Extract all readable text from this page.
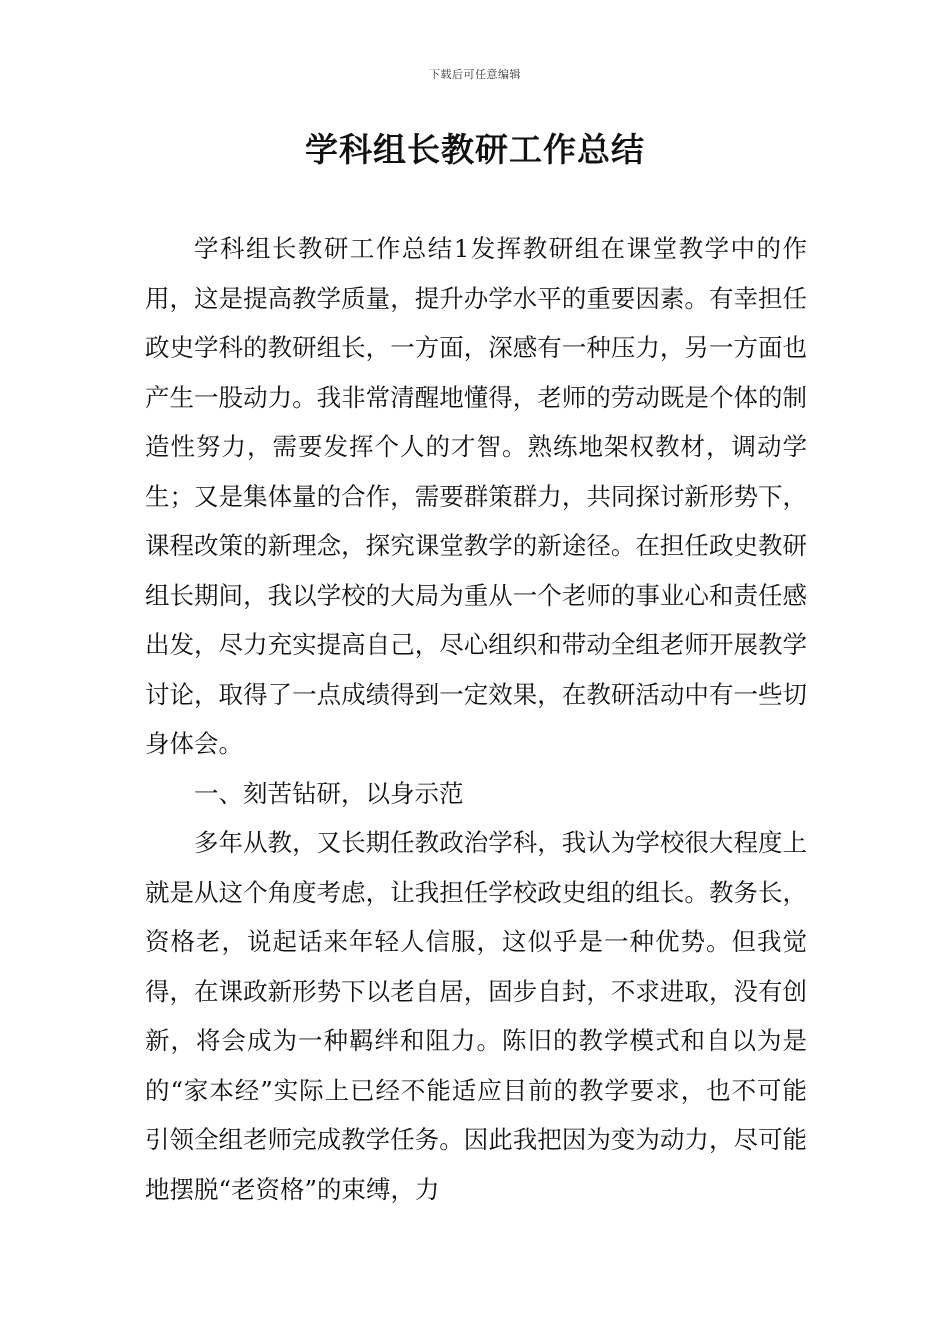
下载后可任意编辑
学科组长教研工作总结

学科组长教研工作总结1发挥教研组在课堂教学中的作用，这是提高教学质量，提升办学水平的重要因素。有幸担任政史学科的教研组长，一方面，深感有一种压力，另一方面也产生一股动力。我非常清醒地懂得，老师的劳动既是个体的制造性努力，需要发挥个人的才智。熟练地架权教材，调动学生；又是集体量的合作，需要群策群力，共同探讨新形势下，课程改策的新理念，探究课堂教学的新途径。在担任政史教研组长期间，我以学校的大局为重从一个老师的事业心和责任感出发，尽力充实提高自己，尽心组织和带动全组老师开展教学讨论，取得了一点成绩得到一定效果，在教研活动中有一些切身体会。

一、刻苦钻研，以身示范

多年从教，又长期任教政治学科，我认为学校很大程度上就是从这个角度考虑，让我担任学校政史组的组长。教务长，资格老，说起话来年轻人信服，这似乎是一种优势。但我觉得，在课政新形势下以老自居，固步自封，不求进取，没有创新，将会成为一种羁绊和阻力。陈旧的教学模式和自以为是的“家本经”实际上已经不能适应目前的教学要求，也不可能引领全组老师完成教学任务。因此我把因为变为动力，尽可能地摆脱“老资格”的束缚，力
